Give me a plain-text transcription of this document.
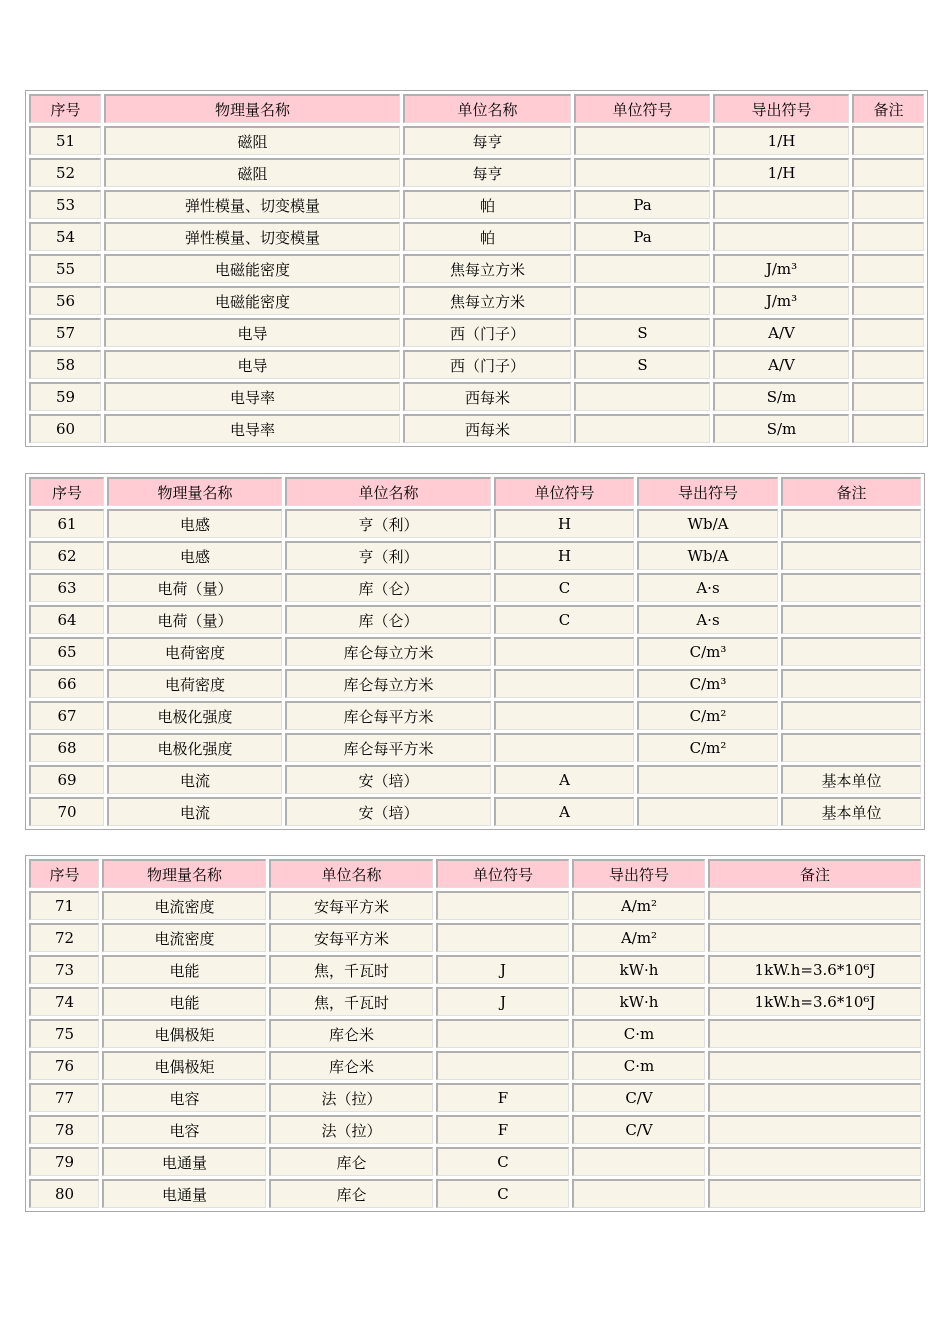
序号	物理量名称	单位名称	单位符号	导出符号	备注
51	磁阻	每亨		1/H	
52	磁阻	每亨		1/H	
53	弹性模量、切变模量	帕	Pa		
54	弹性模量、切变模量	帕	Pa		
55	电磁能密度	焦每立方米		J/m³	
56	电磁能密度	焦每立方米		J/m³	
57	电导	西（门子）	S	A/V	
58	电导	西（门子）	S	A/V	
59	电导率	西每米		S/m	
60	电导率	西每米		S/m	
序号	物理量名称	单位名称	单位符号	导出符号	备注
61	电感	亨（利）	H	Wb/A	
62	电感	亨（利）	H	Wb/A	
63	电荷（量）	库（仑）	C	A·s	
64	电荷（量）	库（仑）	C	A·s	
65	电荷密度	库仑每立方米		C/m³	
66	电荷密度	库仑每立方米		C/m³	
67	电极化强度	库仑每平方米		C/m²	
68	电极化强度	库仑每平方米		C/m²	
69	电流	安（培）	A		基本单位
70	电流	安（培）	A		基本单位
序号	物理量名称	单位名称	单位符号	导出符号	备注
71	电流密度	安每平方米		A/m²	
72	电流密度	安每平方米		A/m²	
73	电能	焦，千瓦时	J	kW·h	1kW.h=3.6*10⁶J
74	电能	焦，千瓦时	J	kW·h	1kW.h=3.6*10⁶J
75	电偶极矩	库仑米		C·m	
76	电偶极矩	库仑米		C·m	
77	电容	法（拉）	F	C/V	
78	电容	法（拉）	F	C/V	
79	电通量	库仑	C		
80	电通量	库仑	C		
